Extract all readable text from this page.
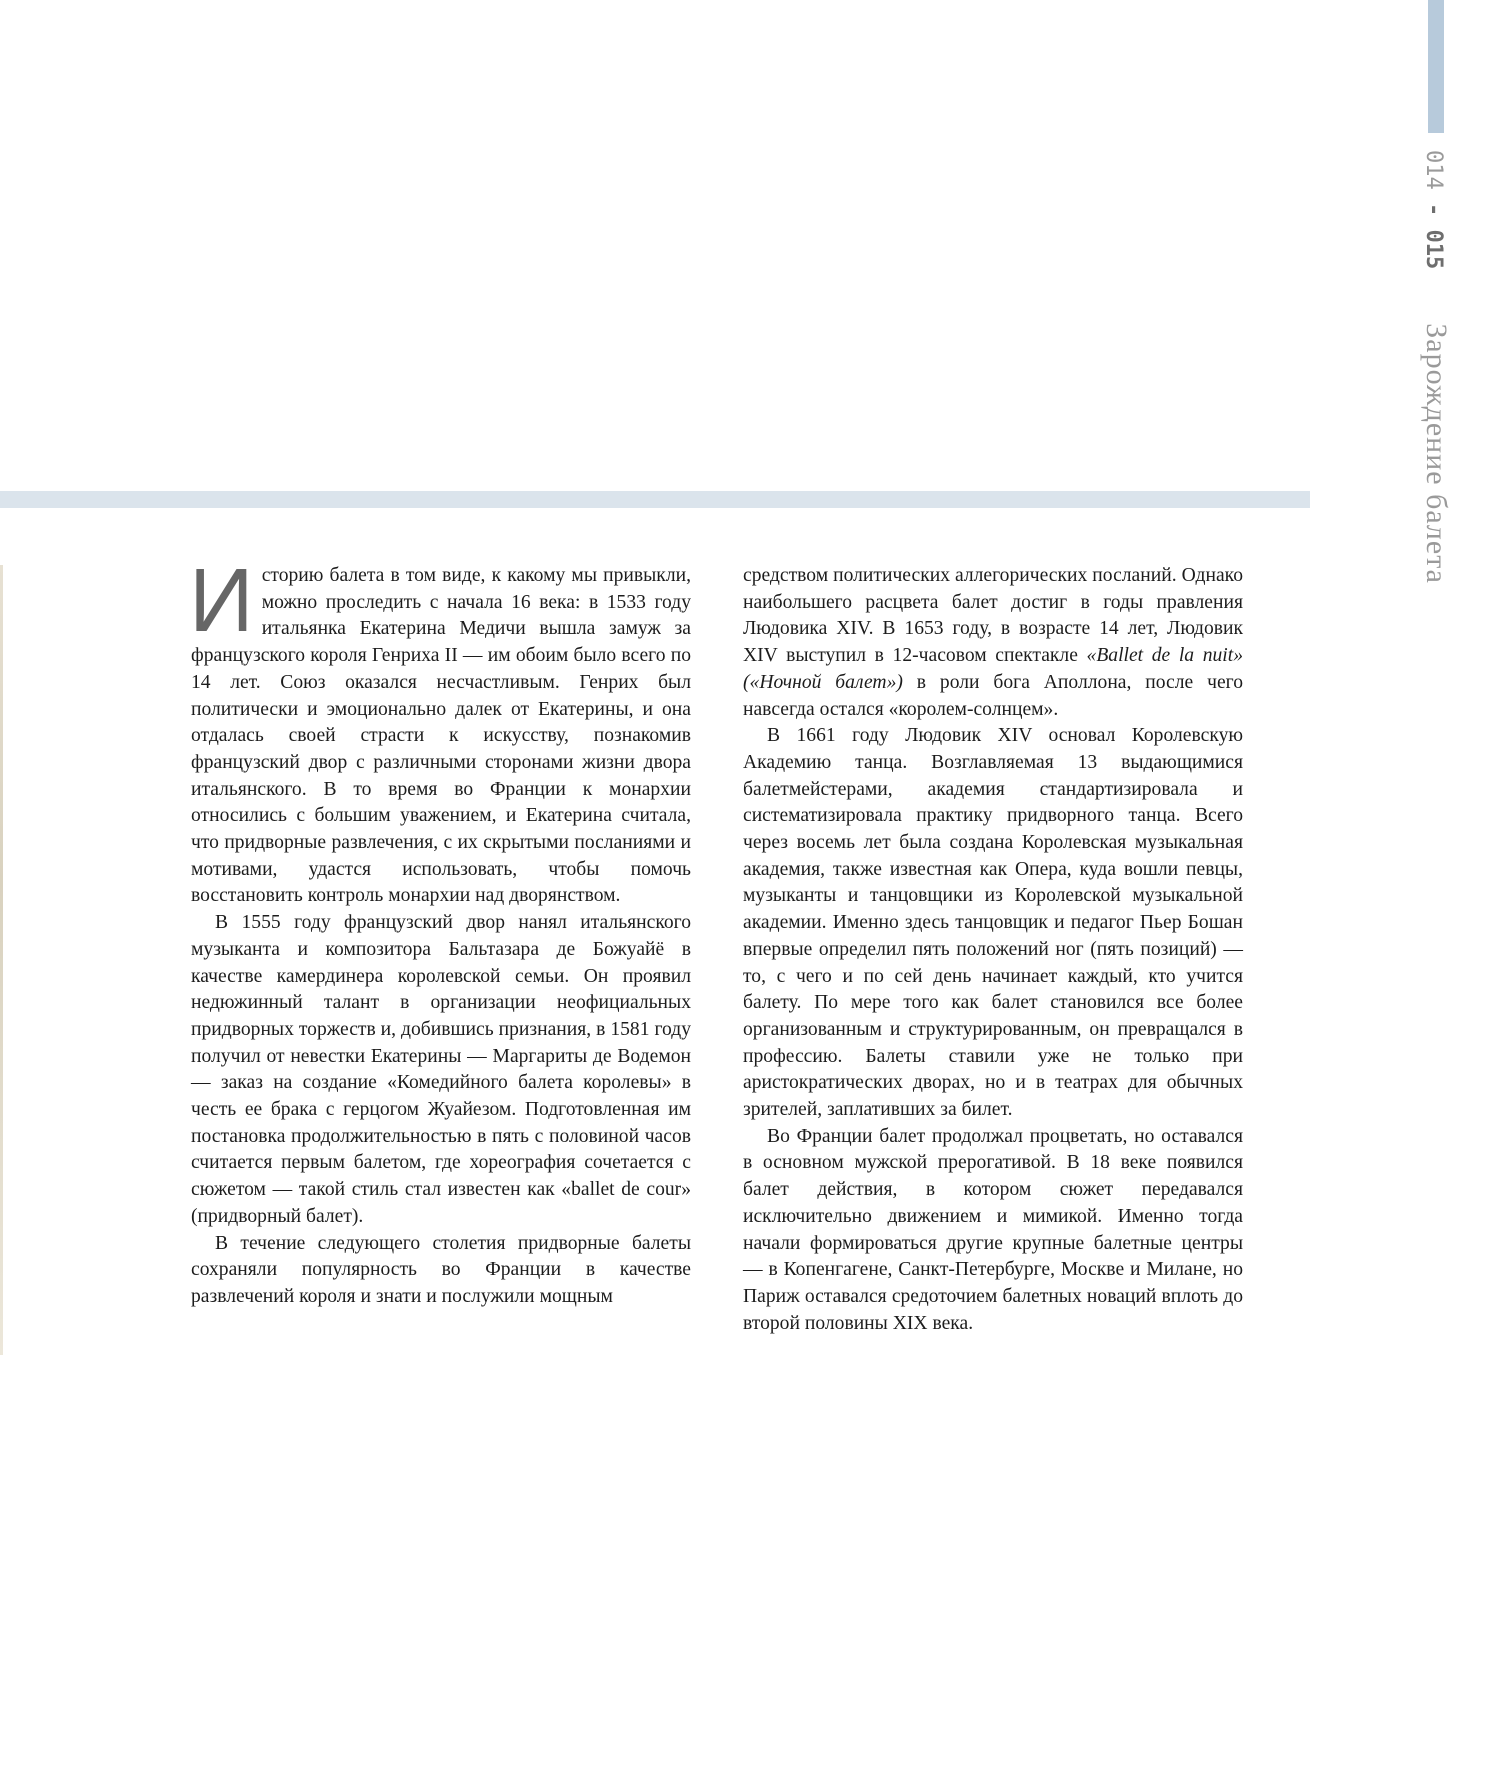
014 - 015Зарождение балета

Историю балета в том виде, к какому мы привыкли, можно проследить с начала 16 века: в 1533 году итальянка Екатерина Медичи вышла замуж за французского короля Генриха II — им обоим было всего по 14 лет. Союз оказался несчастливым. Генрих был политически и эмоционально далек от Екатерины, и она отдалась своей страсти к искусству, познакомив французский двор с различными сторонами жизни двора итальянского. В то время во Франции к монархии относились с большим уважением, и Екатерина считала, что придворные развлечения, с их скрытыми посланиями и мотивами, удастся использовать, чтобы помочь восстановить контроль монархии над дворянством.

В 1555 году французский двор нанял итальянского музыканта и композитора Бальтазара де Божуайё в качестве камердинера королевской семьи. Он проявил недюжинный талант в организации неофициальных придворных торжеств и, добившись признания, в 1581 году получил от невестки Екатерины — Маргариты де Водемон — заказ на создание «Комедийного балета королевы» в честь ее брака с герцогом Жуайезом. Подготовленная им постановка продолжительностью в пять с половиной часов считается первым балетом, где хореография сочетается с сюжетом — такой стиль стал известен как «ballet de cour» (придворный балет).

В течение следующего столетия придворные балеты сохраняли популярность во Франции в качестве развлечений короля и знати и послужили мощным

средством политических аллегорических посланий. Однако наибольшего расцвета балет достиг в годы правления Людовика XIV. В 1653 году, в возрасте 14 лет, Людовик XIV выступил в 12-часовом спектакле «Ballet de la nuit» («Ночной балет») в роли бога Аполлона, после чего навсегда остался «королем-солнцем».

В 1661 году Людовик XIV основал Королевскую Академию танца. Возглавляемая 13 выдающимися балетмейстерами, академия стандартизировала и систематизировала практику придворного танца. Всего через восемь лет была создана Королевская музыкальная академия, также известная как Опера, куда вошли певцы, музыканты и танцовщики из Королевской музыкальной академии. Именно здесь танцовщик и педагог Пьер Бошан впервые определил пять положений ног (пять позиций) — то, с чего и по сей день начинает каждый, кто учится балету. По мере того как балет становился все более организованным и структурированным, он превращался в профессию. Балеты ставили уже не только при аристократических дворах, но и в театрах для обычных зрителей, заплативших за билет.

Во Франции балет продолжал процветать, но оставался в основном мужской прерогативой. В 18 веке появился балет действия, в котором сюжет передавался исключительно движением и мимикой. Именно тогда начали формироваться другие крупные балетные центры — в Копенгагене, Санкт-Петербурге, Москве и Милане, но Париж оставался средоточием балетных новаций вплоть до второй половины XIX века.
